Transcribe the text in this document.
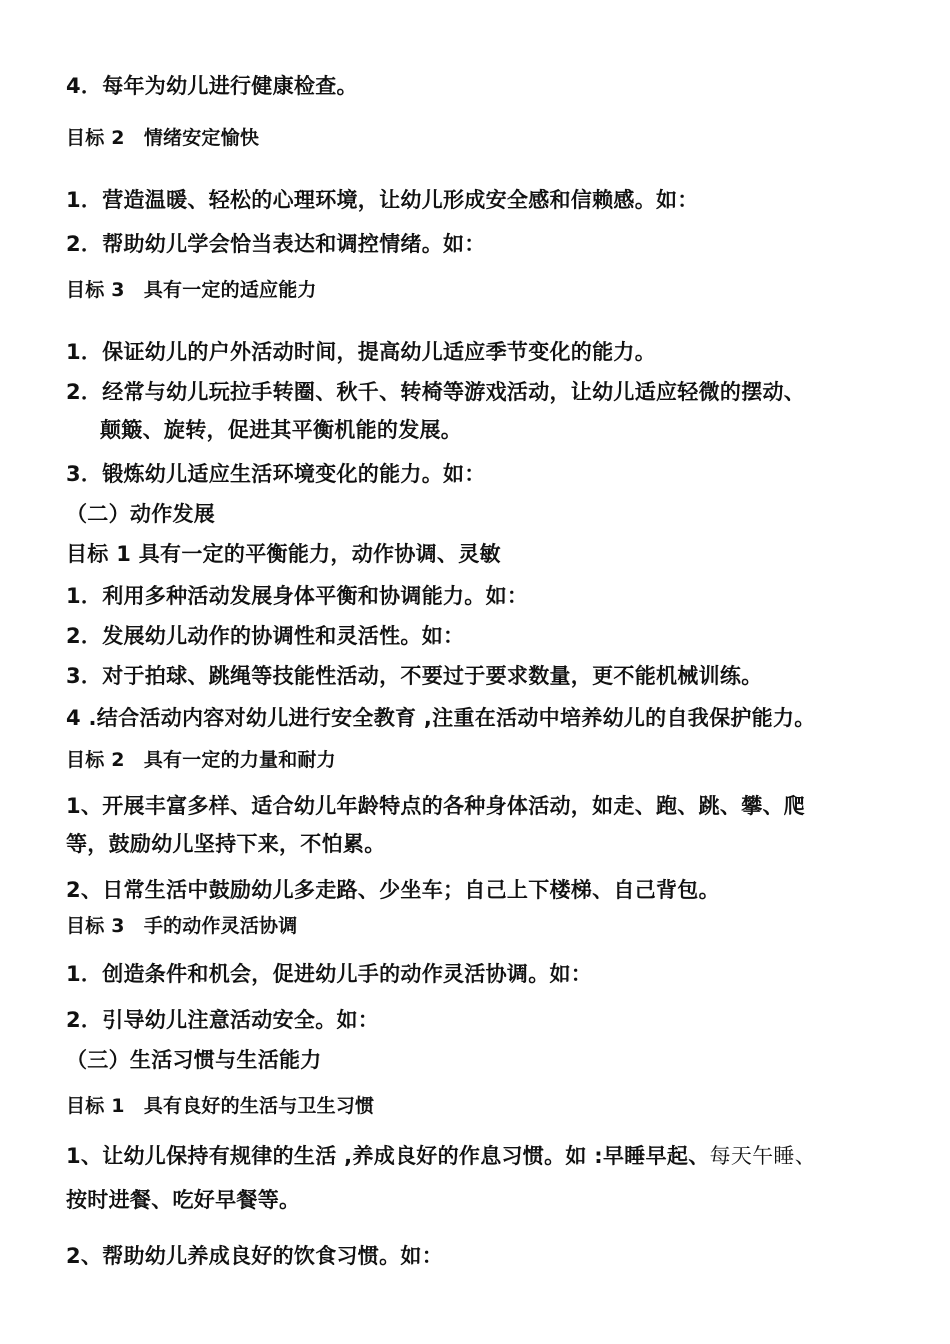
4．每年为幼儿进行健康检查。
目标 2　情绪安定愉快
1．营造温暖、轻松的心理环境，让幼儿形成安全感和信赖感。如：
2．帮助幼儿学会恰当表达和调控情绪。如：
目标 3　具有一定的适应能力
1．保证幼儿的户外活动时间，提高幼儿适应季节变化的能力。
2．经常与幼儿玩拉手转圈、秋千、转椅等游戏活动，让幼儿适应轻微的摆动、
颠簸、旋转，促进其平衡机能的发展。
3．锻炼幼儿适应生活环境变化的能力。如：
（二）动作发展
目标 1 具有一定的平衡能力，动作协调、灵敏
1．利用多种活动发展身体平衡和协调能力。如：
2．发展幼儿动作的协调性和灵活性。如：
3．对于拍球、跳绳等技能性活动，不要过于要求数量，更不能机械训练。
4 .结合活动内容对幼儿进行安全教育 ,注重在活动中培养幼儿的自我保护能力。
目标 2　具有一定的力量和耐力
1、开展丰富多样、适合幼儿年龄特点的各种身体活动，如走、跑、跳、攀、爬
等，鼓励幼儿坚持下来，不怕累。
2、日常生活中鼓励幼儿多走路、少坐车；自己上下楼梯、自己背包。
目标 3　手的动作灵活协调
1．创造条件和机会，促进幼儿手的动作灵活协调。如：
2．引导幼儿注意活动安全。如：
（三）生活习惯与生活能力
目标 1　具有良好的生活与卫生习惯
1、让幼儿保持有规律的生活 ,养成良好的作息习惯。如 :早睡早起、每天午睡、
按时进餐、吃好早餐等。
2、帮助幼儿养成良好的饮食习惯。如：
